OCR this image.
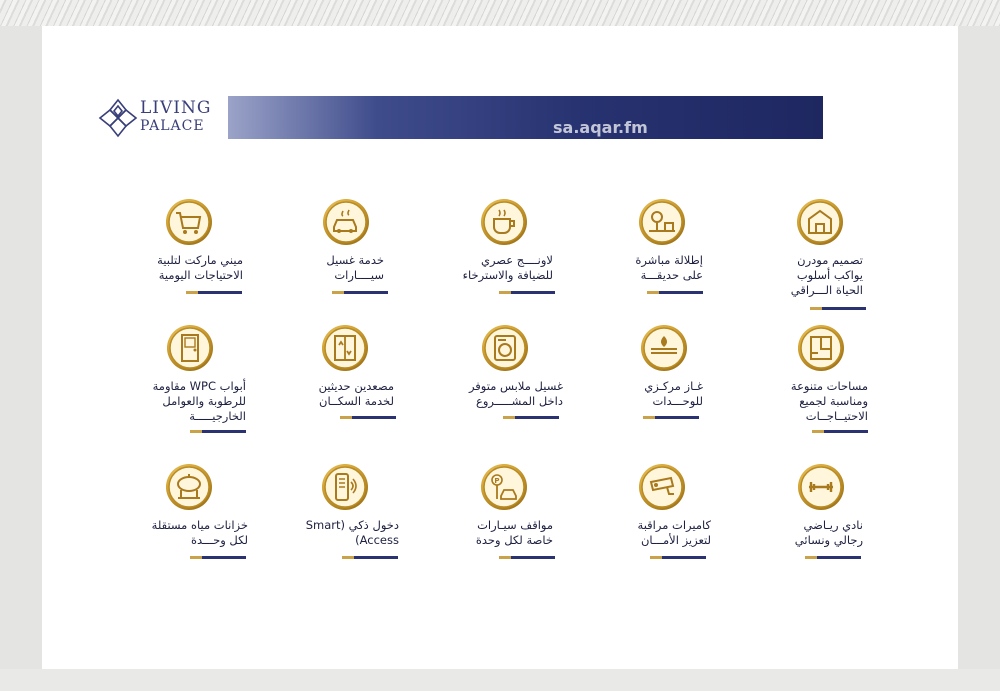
LIVING
PALACE	sa.aqar.fm
تصميم مودرن
يواكب أسلوب
الحياة الـــراقي
إطلالة مباشرة
على حديقـــة
لاونــــج عصري
للضيافة والاسترخاء
خدمة غسيل
سيــــارات
ميني ماركت لتلبية
الاحتياجات اليومية
مساحات متنوعة
ومناسبة لجميع
الاحتيــاجــات
غـاز مركـزي
للوحـــدات
غسيل ملابس متوفر
داخل المشـــــروع
مصعدين حديثين
لخدمة السكــان
أبواب WPC مقاومة
للرطوبة والعوامل
الخارجيـــــة
نادي ريـاضي
رجالي ونسائي
كاميرات مراقبة
لتعزيز الأمـــان
P
مواقف سيـارات
خاصة لكل وحدة
دخول ذكي (Smart
Access)
خزانات مياه مستقلة
لكل وحـــدة
